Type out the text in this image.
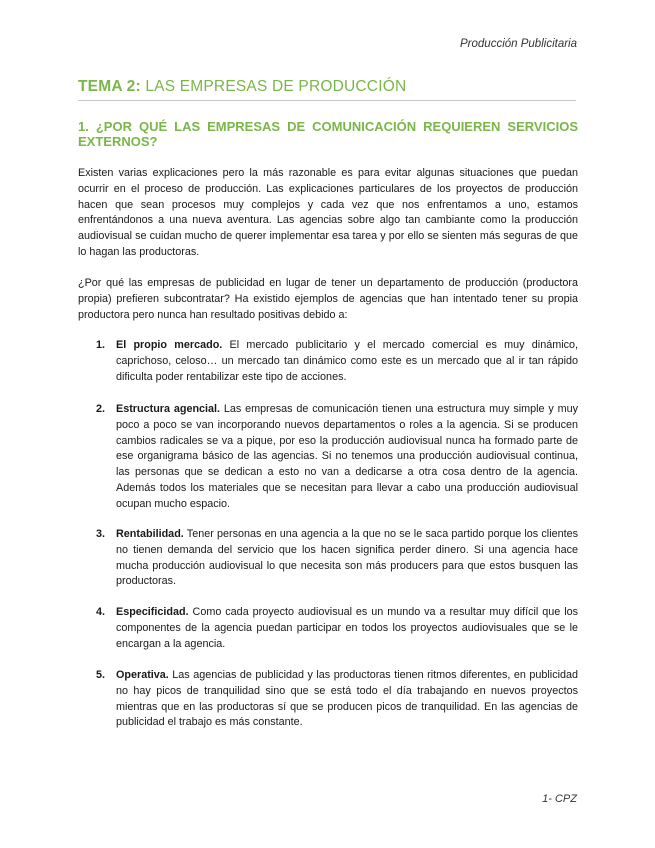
Producción Publicitaria
TEMA 2: LAS EMPRESAS DE PRODUCCIÓN
1. ¿POR QUÉ LAS EMPRESAS DE COMUNICACIÓN REQUIEREN SERVICIOS EXTERNOS?
Existen varias explicaciones pero la más razonable es para evitar algunas situaciones que puedan ocurrir en el proceso de producción. Las explicaciones particulares de los proyectos de producción hacen que sean procesos muy complejos y cada vez que nos enfrentamos a uno, estamos enfrentándonos a una nueva aventura. Las agencias sobre algo tan cambiante como la producción audiovisual se cuidan mucho de querer implementar esa tarea y por ello se sienten más seguras de que lo hagan las productoras.
¿Por qué las empresas de publicidad en lugar de tener un departamento de producción (productora propia) prefieren subcontratar? Ha existido ejemplos de agencias que han intentado tener su propia productora pero nunca han resultado positivas debido a:
1.	El propio mercado. El mercado publicitario y el mercado comercial es muy dinámico, caprichoso, celoso… un mercado tan dinámico como este es un mercado que al ir tan rápido dificulta poder rentabilizar este tipo de acciones.
2.	Estructura agencial. Las empresas de comunicación tienen una estructura muy simple y muy poco a poco se van incorporando nuevos departamentos o roles a la agencia. Si se producen cambios radicales se va a pique, por eso la producción audiovisual nunca ha formado parte de ese organigrama básico de las agencias. Si no tenemos una producción audiovisual continua, las personas que se dedican a esto no van a dedicarse a otra cosa dentro de la agencia. Además todos los materiales que se necesitan para llevar a cabo una producción audiovisual ocupan mucho espacio.
3.	Rentabilidad. Tener personas en una agencia a la que no se le saca partido porque los clientes no tienen demanda del servicio que los hacen significa perder dinero. Si una agencia hace mucha producción audiovisual lo que necesita son más producers para que estos busquen las productoras.
4.	Especificidad. Como cada proyecto audiovisual es un mundo va a resultar muy difícil que los componentes de la agencia puedan participar en todos los proyectos audiovisuales que se le encargan a la agencia.
5.	Operativa. Las agencias de publicidad y las productoras tienen ritmos diferentes, en publicidad no hay picos de tranquilidad sino que se está todo el día trabajando en nuevos proyectos mientras que en las productoras sí que se producen picos de tranquilidad. En las agencias de publicidad el trabajo es más constante.
1- CPZ
